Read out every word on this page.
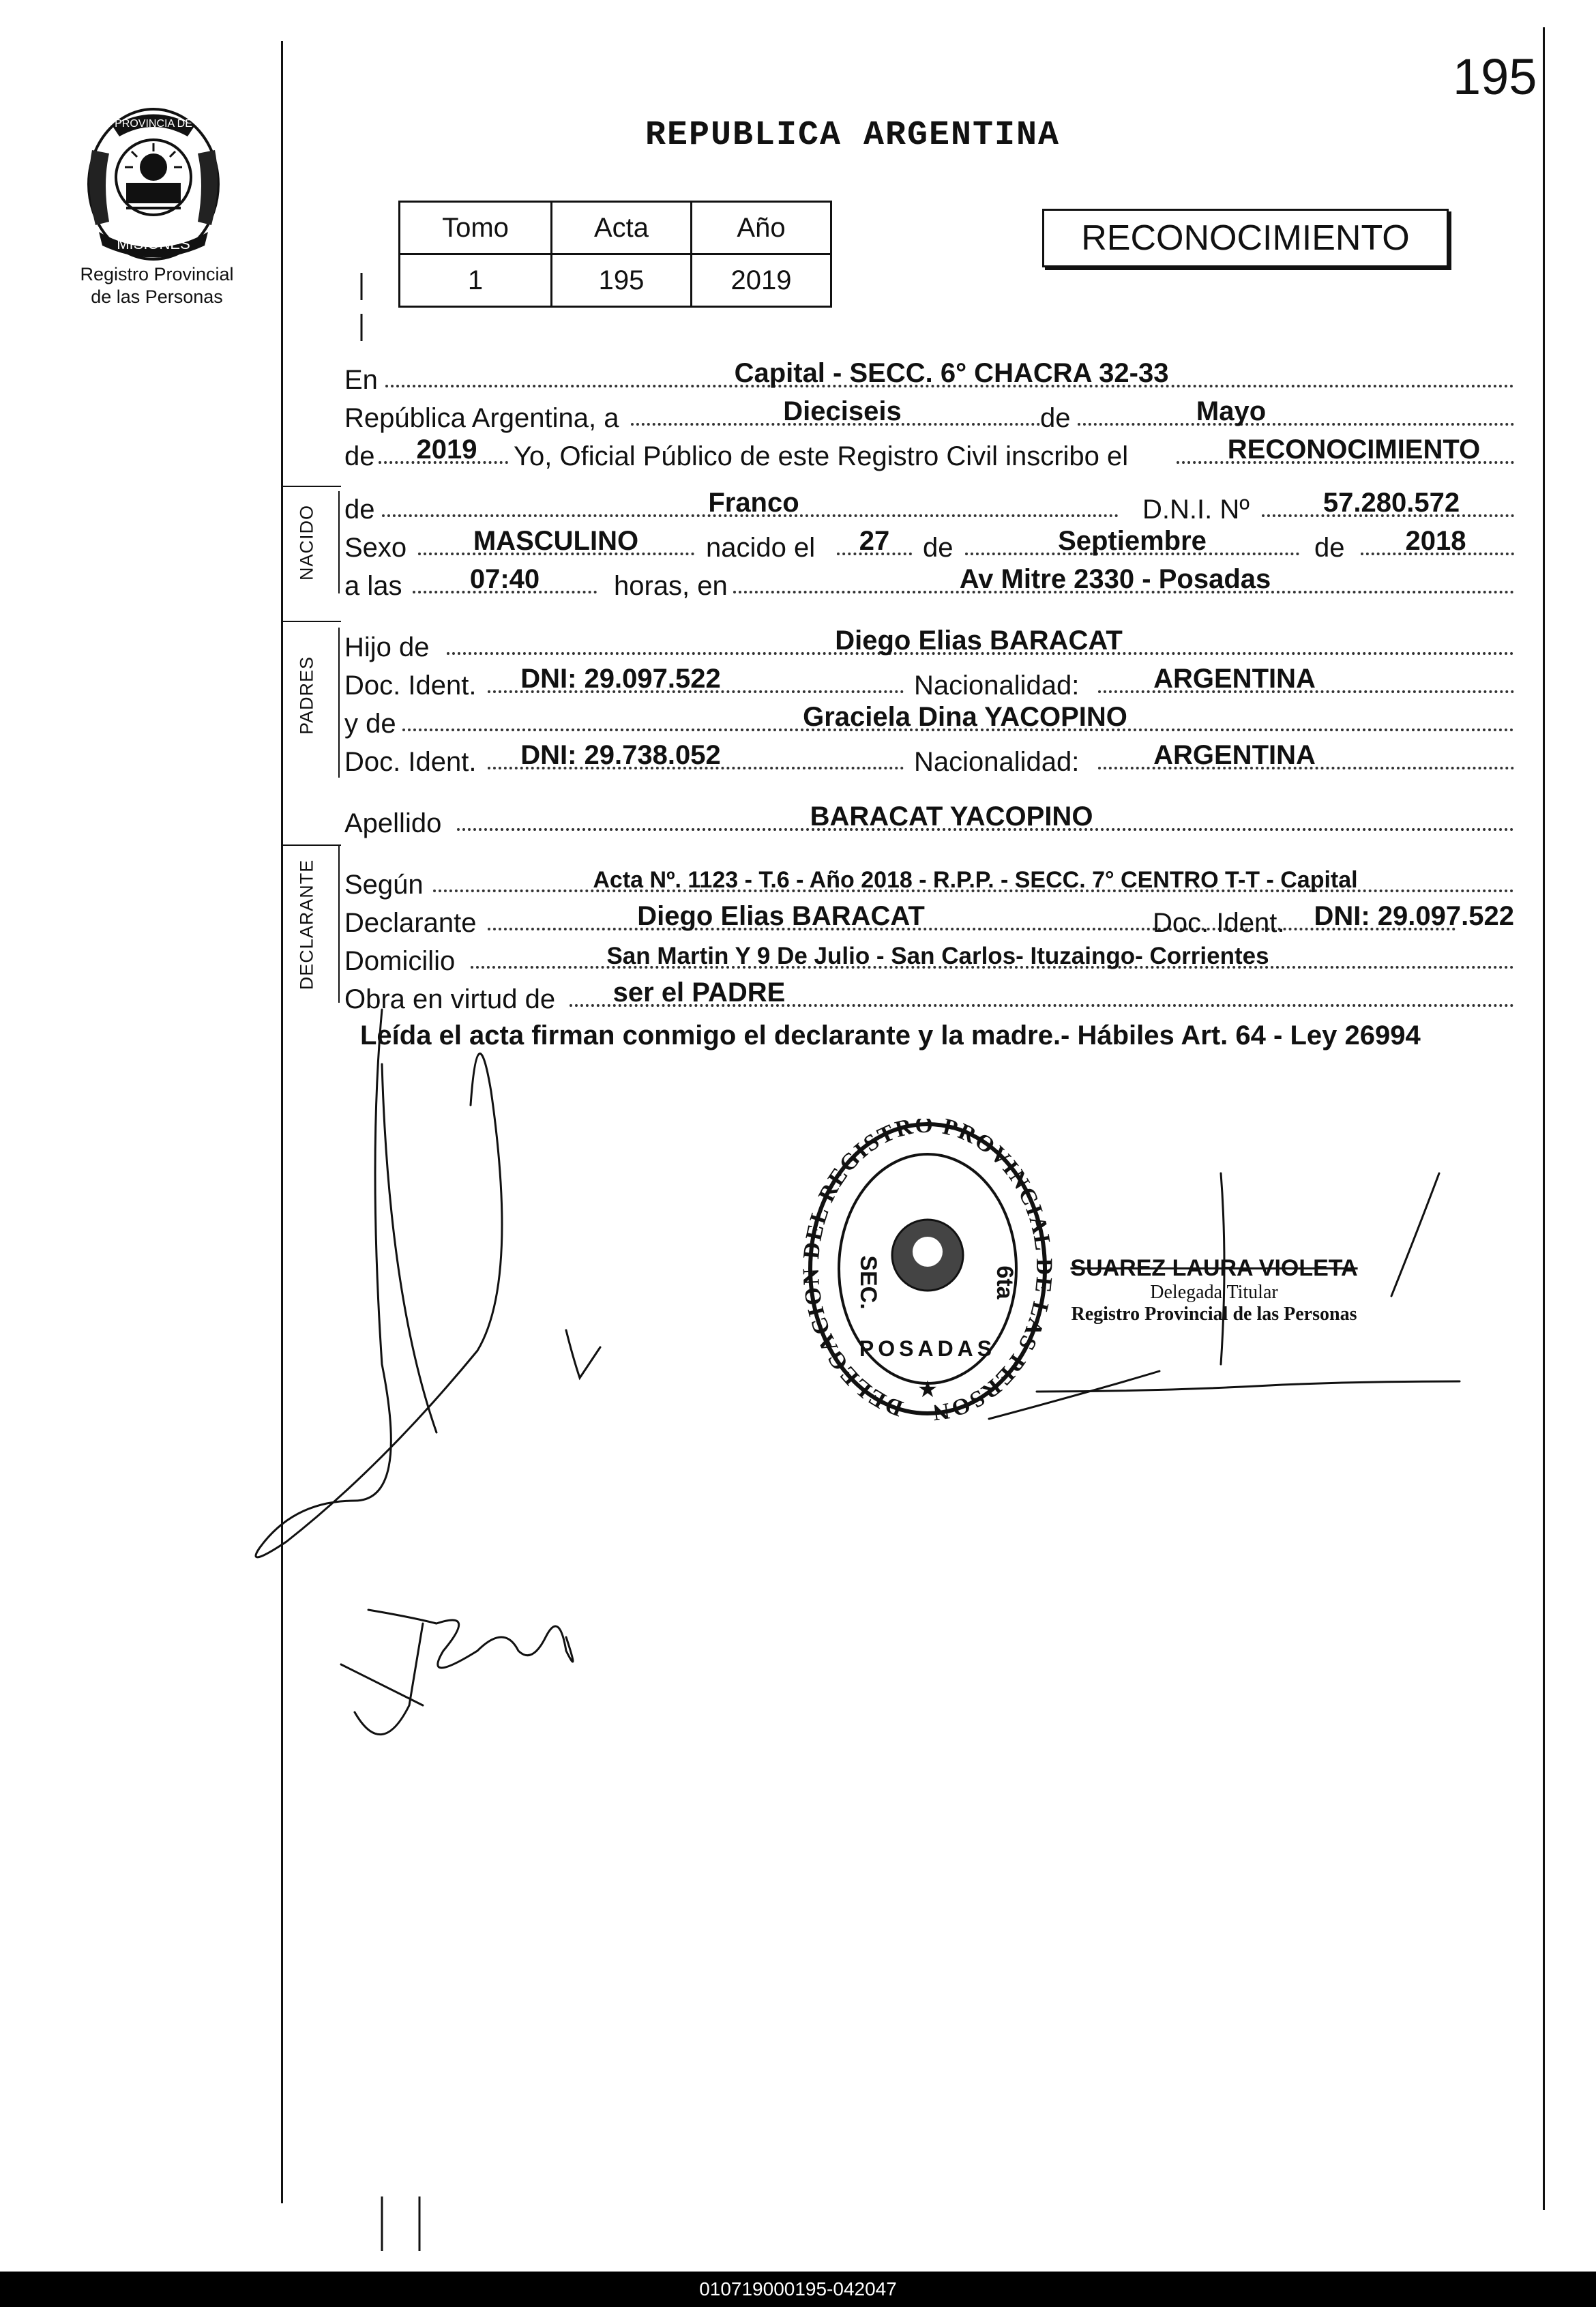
195
PROVINCIA DE
MISIONES
Registro Provincial
de las Personas
REPUBLICA ARGENTINA
Tomo	Acta	Año
1	195	2019
RECONOCIMIENTO
NACIDO
PADRES
DECLARANTE
En	Capital - SECC. 6° CHACRA 32-33
República Argentina, a	Dieciseis	de	Mayo
de	2019	Yo, Oficial Público de este Registro Civil inscribo el	RECONOCIMIENTO
de	Franco	D.N.I. Nº	57.280.572
Sexo	MASCULINO	nacido el	27	de	Septiembre	de	2018
a las	07:40	horas, en	Av Mitre 2330 - Posadas
Hijo de	Diego Elias BARACAT
Doc. Ident.	DNI: 29.097.522	Nacionalidad:	ARGENTINA
y de	Graciela Dina YACOPINO
Doc. Ident.	DNI: 29.738.052	Nacionalidad:	ARGENTINA
Apellido	BARACAT YACOPINO
Según	Acta Nº. 1123 - T.6 - Año 2018 - R.P.P. - SECC. 7° CENTRO T-T - Capital
Declarante	Diego Elias BARACAT	Doc. Ident.	DNI: 29.097.522
Domicilio	San Martin Y 9 De Julio - San Carlos- Ituzaingo- Corrientes
Obra en virtud de	ser el PADRE
Leída el acta firman conmigo el declarante y la madre.- Hábiles Art. 64 - Ley 26994
DELEGACION DEL REGISTRO PROVINCIAL DE LAS PERSON
SEC.	6ta
POSADAS
★
SUAREZ LAURA VIOLETA
Delegada Titular
Registro Provincial de las Personas
010719000195-042047
